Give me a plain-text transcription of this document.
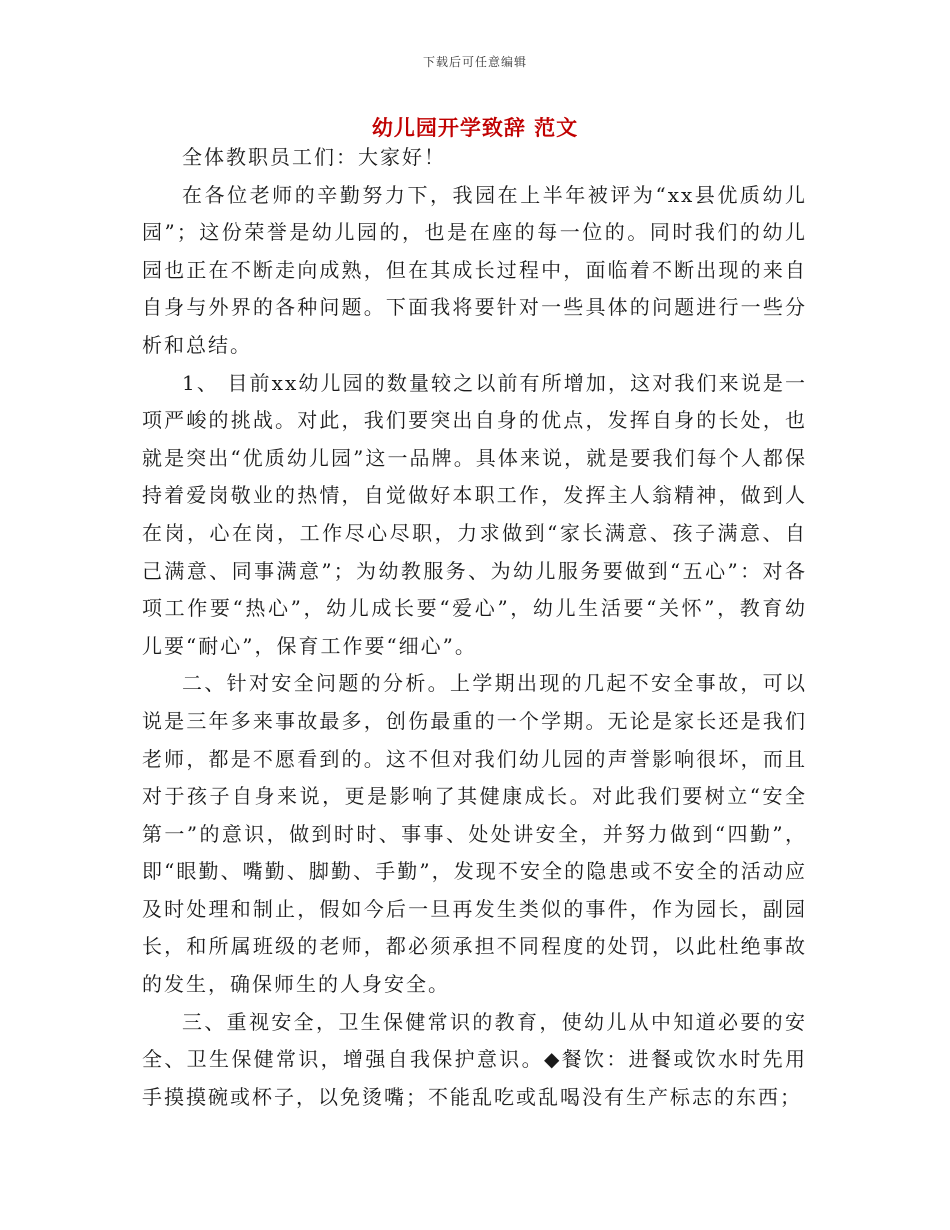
下载后可任意编辑
幼儿园开学致辞 范文

全体教职员工们：大家好！

在各位老师的辛勤努力下，我园在上半年被评为“xx县优质幼儿园”；这份荣誉是幼儿园的，也是在座的每一位的。同时我们的幼儿园也正在不断走向成熟，但在其成长过程中，面临着不断出现的来自自身与外界的各种问题。下面我将要针对一些具体的问题进行一些分析和总结。

1、 目前xx幼儿园的数量较之以前有所增加，这对我们来说是一项严峻的挑战。对此，我们要突出自身的优点，发挥自身的长处，也就是突出“优质幼儿园”这一品牌。具体来说，就是要我们每个人都保持着爱岗敬业的热情，自觉做好本职工作，发挥主人翁精神，做到人在岗，心在岗，工作尽心尽职，力求做到“家长满意、孩子满意、自己满意、同事满意”；为幼教服务、为幼儿服务要做到“五心”：对各项工作要“热心”，幼儿成长要“爱心”，幼儿生活要“关怀”，教育幼儿要“耐心”，保育工作要“细心”。

二、针对安全问题的分析。上学期出现的几起不安全事故，可以说是三年多来事故最多，创伤最重的一个学期。无论是家长还是我们老师，都是不愿看到的。这不但对我们幼儿园的声誉影响很坏，而且对于孩子自身来说，更是影响了其健康成长。对此我们要树立“安全第一”的意识，做到时时、事事、处处讲安全，并努力做到“四勤”，即“眼勤、嘴勤、脚勤、手勤”，发现不安全的隐患或不安全的活动应及时处理和制止，假如今后一旦再发生类似的事件，作为园长，副园长，和所属班级的老师，都必须承担不同程度的处罚，以此杜绝事故的发生，确保师生的人身安全。

三、重视安全，卫生保健常识的教育，使幼儿从中知道必要的安全、卫生保健常识，增强自我保护意识。◆餐饮：进餐或饮水时先用手摸摸碗或杯子，以免烫嘴；不能乱吃或乱喝没有生产标志的东西；
